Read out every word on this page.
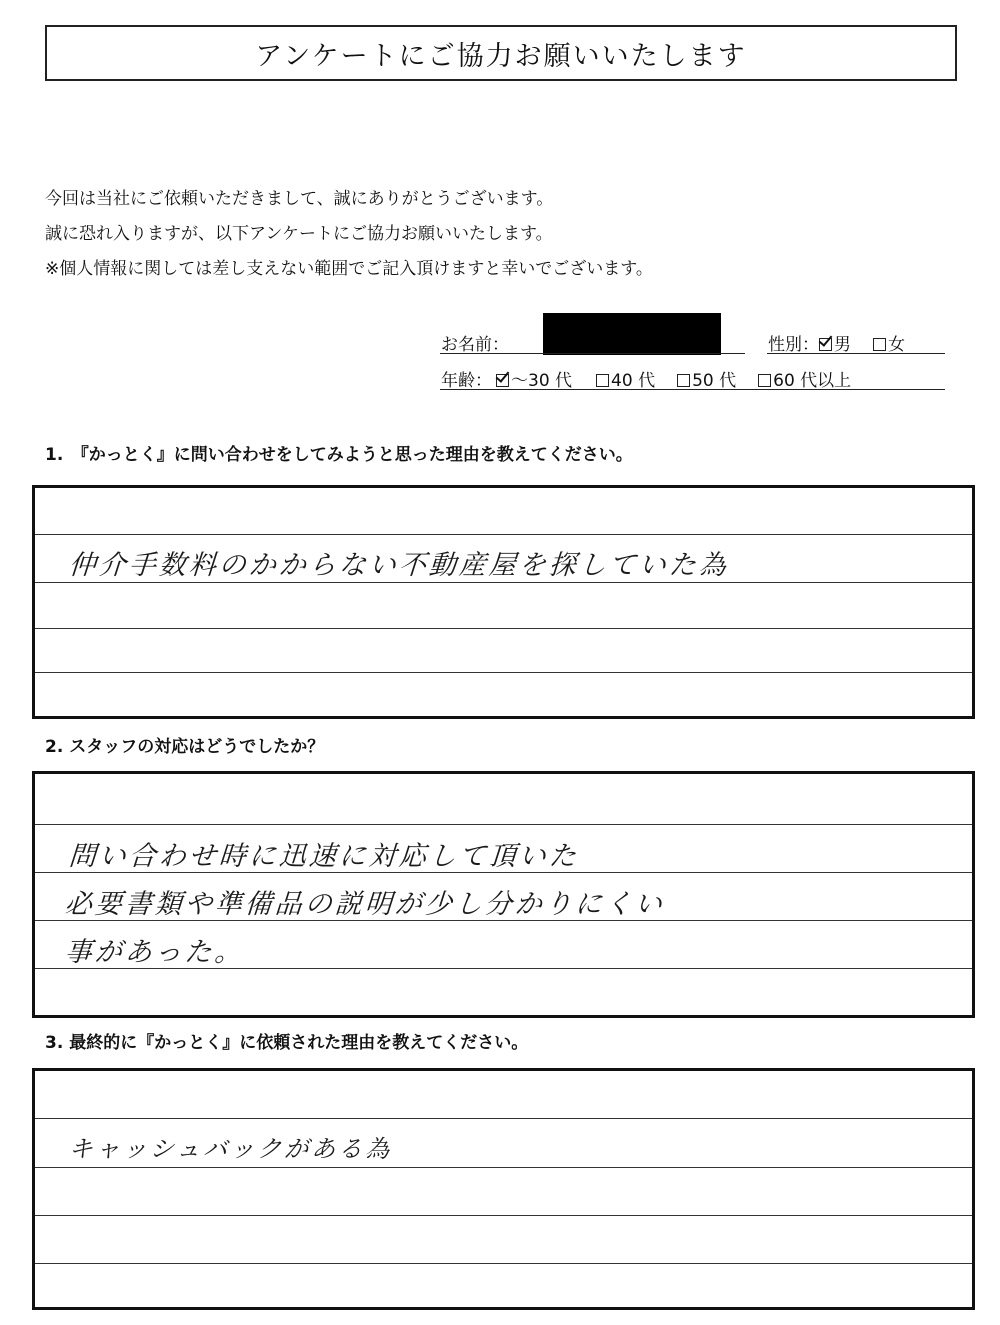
アンケートにご協力お願いいたします
今回は当社にご依頼いただきまして、誠にありがとうございます。
誠に恐れ入りますが、以下アンケートにご協力お願いいたします。
※個人情報に関しては差し支えない範囲でご記入頂けますと幸いでございます。
お名前：	性別： 男 女
年齢： ～30 代 40 代 50 代 60 代以上
1.　『かっとく』に問い合わせをしてみようと思った理由を教えてください。
仲介手数料のかからない不動産屋を探していた為
2. スタッフの対応はどうでしたか？
問い合わせ時に迅速に対応して頂いた
必要書類や準備品の説明が少し分かりにくい
事があった。
3. 最終的に『かっとく』に依頼された理由を教えてください。
キャッシュバックがある為
